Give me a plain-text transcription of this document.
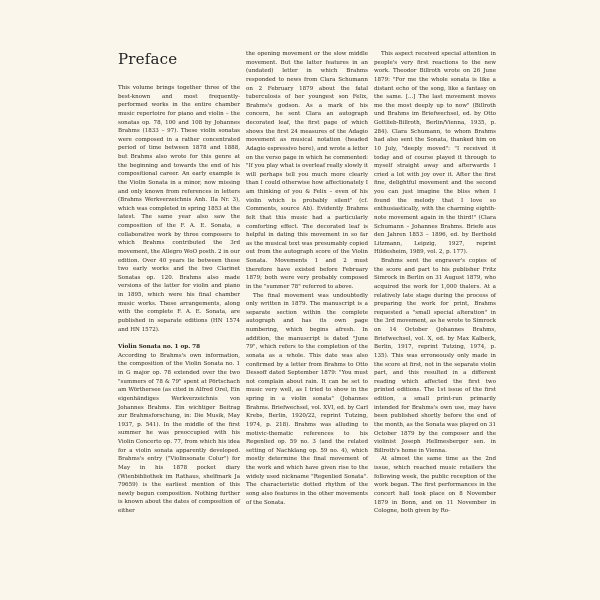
Preface

This volume brings together three of the best-known and most frequently-performed works in the entire chamber music repertoire for piano and violin – the sonatas op. 78, 100 and 108 by Johannes Brahms (1833 – 97). These violin sonatas were composed in a rather concentrated period of time between 1878 and 1888, but Brahms also wrote for this genre at the beginning and towards the end of his compositional career. An early example is the Violin Sonata in a minor, now missing and only known from references in letters (Brahms Werkverzeichnis Anh. IIa Nr. 3), which was completed in spring 1853 at the latest. The same year also saw the composition of the F. A. E. Sonata, a collaborative work by three composers to which Brahms contributed the 3rd movement, the Allegro WoO posth. 2 in our edition. Over 40 years lie between these two early works and the two Clarinet Sonatas op. 120. Brahms also made versions of the latter for violin and piano in 1895, which were his final chamber music works. These arrangements, along with the complete F. A. E. Sonata, are published in separate editions (HN 1574 and HN 1572).

Violin Sonata no. 1 op. 78

According to Brahms's own information, the composition of the Violin Sonata no. 1 in G major op. 78 extended over the two "summers of 78 & 79" spent at Pörtschach am Wörthersee (as cited in Alfred Orel, Ein eigenhändiges Werkverzeichnis von Johannes Brahms. Ein wichtiger Beitrag zur Brahmsforschung, in: Die Musik, May 1937, p. 541). In the middle of the first summer he was preoccupied with his Violin Concerto op. 77, from which his idea for a violin sonata apparently developed. Brahms's entry ("Violinsonate Colur") for May in his 1878 pocket diary (Wienbibliothek im Rathaus, shelfmark Ja 79659) is the earliest mention of this newly begun composition. Nothing further is known about the dates of composition of either

the opening movement or the slow middle movement. But the latter features in an (undated) letter in which Brahms responded to news from Clara Schumann on 2 February 1879 about the fatal tuberculosis of her youngest son Felix, Brahms's godson. As a mark of his concern, he sent Clara an autograph decorated leaf, the first page of which shows the first 24 measures of the Adagio movement as musical notation (headed Adagio espressivo here), and wrote a letter on the verso page in which he commented: "If you play what is overleaf really slowly it will perhaps tell you much more clearly than I could otherwise how affectionately I am thinking of you & Felix – even of his violin which is probably silent" (cf. Comments, source Ab). Evidently Brahms felt that this music had a particularly comforting effect. The decorated leaf is helpful in dating this movement in so far as the musical text was presumably copied out from the autograph score of the Violin Sonata. Movements 1 and 2 must therefore have existed before February 1879; both were very probably composed in the "summer 78" referred to above.

The final movement was undoubtedly only written in 1879. The manuscript is a separate section within the complete autograph and has its own page numbering, which begins afresh. In addition, the manuscript is dated "June 79", which refers to the completion of the sonata as a whole. This date was also confirmed by a letter from Brahms to Otto Dessoff dated September 1879: "You must not complain about rain. It can be set to music very well, as I tried to show in the spring in a violin sonata" (Johannes Brahms. Briefwechsel, vol. XVI, ed. by Carl Krebs, Berlin, 1920/22, reprint Tutzing, 1974, p. 218). Brahms was alluding to motivic-thematic references to his Regenlied op. 59 no. 3 (and the related setting of Nachklang op. 59 no. 4), which mostly determine the final movement of the work and which have given rise to the widely used nickname "Regenlied Sonata". The characteristic dotted rhythm of the song also features in the other movements of the Sonata.

This aspect received special attention in people's very first reactions to the new work. Theodor Billroth wrote on 26 June 1879: "For me the whole sonata is like a distant echo of the song, like a fantasy on the same. [...] The last movement moves me the most deeply up to now" (Billroth und Brahms im Briefwechsel, ed. by Otto Gottlieb-Billroth, Berlin/Vienna, 1935, p. 284). Clara Schumann, to whom Brahms had also sent the Sonata, thanked him on 10 July, "deeply moved": "I received it today and of course played it through to myself straight away and afterwards I cried a lot with joy over it. After the first fine, delightful movement and the second you can just imagine the bliss when I found the melody that I love so enthusiastically, with the charming eighth-note movement again in the third!" (Clara Schumann – Johannes Brahms. Briefe aus den Jahren 1853 – 1896, ed. by Berthold Litzmann, Leipzig, 1927, reprint Hildesheim, 1989, vol. 2, p. 177).

Brahms sent the engraver's copies of the score and part to his publisher Fritz Simrock in Berlin on 31 August 1879, who acquired the work for 1,000 thalers. At a relatively late stage during the process of preparing the work for print, Brahms requested a "small special alteration" in the 3rd movement, as he wrote to Simrock on 14 October (Johannes Brahms, Briefwechsel, vol. X, ed. by Max Kalbeck, Berlin, 1917, reprint Tutzing, 1974, p. 135). This was erroneously only made in the score at first, not in the separate violin part, and this resulted in a different reading which affected the first two printed editions. The 1st issue of the first edition, a small print-run primarily intended for Brahms's own use, may have been published shortly before the end of the month, as the Sonata was played on 31 October 1879 by the composer and the violinist Joseph Hellmesberger sen. in Billroth's home in Vienna.

At almost the same time as the 2nd issue, which reached music retailers the following week, the public reception of the work began. The first performances in the concert hall took place on 8 November 1879 in Bonn, and on 11 November in Cologne, both given by Ro-
